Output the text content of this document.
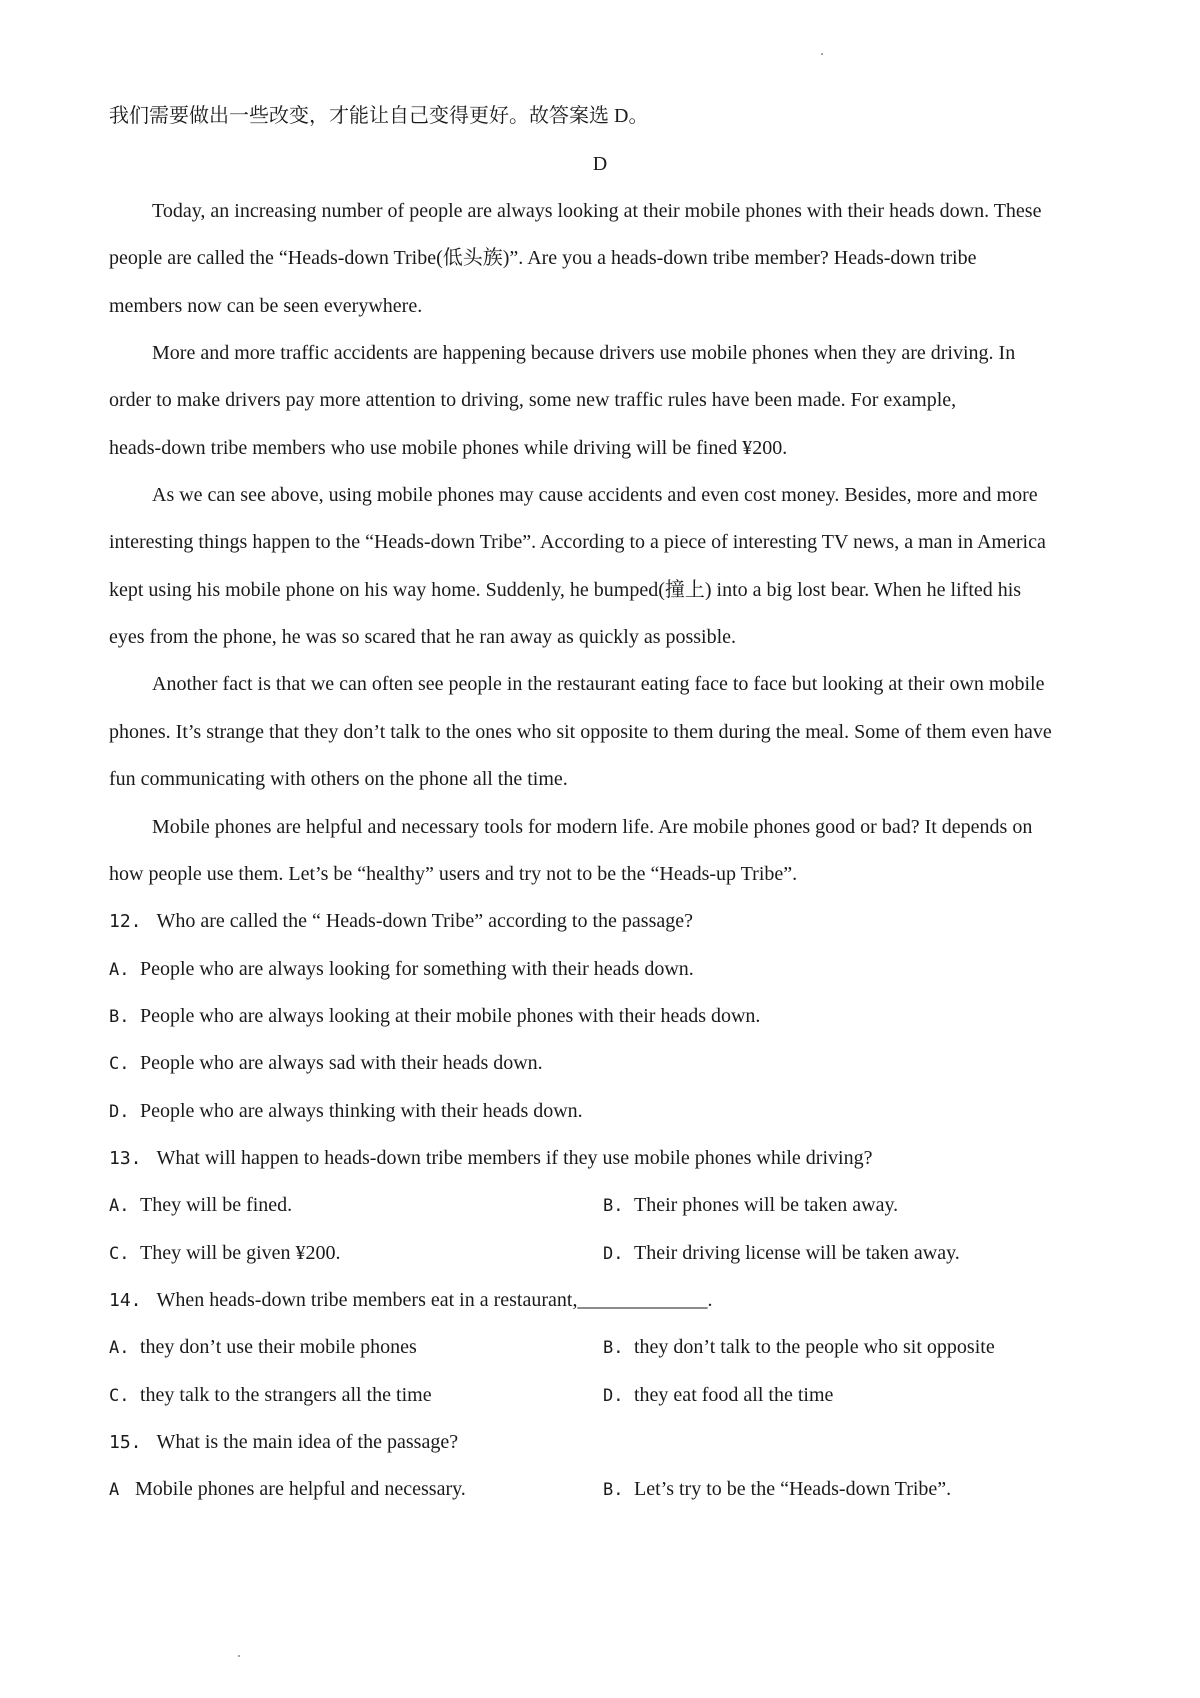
我们需要做出一些改变，才能让自己变得更好。故答案选 D。
D
Today, an increasing number of people are always looking at their mobile phones with their heads down. These
people are called the “Heads-down Tribe(低头族)”. Are you a heads-down tribe member? Heads-down tribe
members now can be seen everywhere.
More and more traffic accidents are happening because drivers use mobile phones when they are driving. In
order to make drivers pay more attention to driving, some new traffic rules have been made. For example,
heads-down tribe members who use mobile phones while driving will be fined ¥200.
As we can see above, using mobile phones may cause accidents and even cost money. Besides, more and more
interesting things happen to the “Heads-down Tribe”. According to a piece of interesting TV news, a man in America
kept using his mobile phone on his way home. Suddenly, he bumped(撞上) into a big lost bear. When he lifted his
eyes from the phone, he was so scared that he ran away as quickly as possible.
Another fact is that we can often see people in the restaurant eating face to face but looking at their own mobile
phones. It’s strange that they don’t talk to the ones who sit opposite to them during the meal. Some of them even have
fun communicating with others on the phone all the time.
Mobile phones are helpful and necessary tools for modern life. Are mobile phones good or bad? It depends on
how people use them. Let’s be “healthy” users and try not to be the “Heads-up Tribe”.
12. Who are called the “ Heads-down Tribe” according to the passage?
A. People who are always looking for something with their heads down.
B. People who are always looking at their mobile phones with their heads down.
C. People who are always sad with their heads down.
D. People who are always thinking with their heads down.
13. What will happen to heads-down tribe members if they use mobile phones while driving?
A. They will be fined.	B. Their phones will be taken away.
C. They will be given ¥200.	D. Their driving license will be taken away.
14. When heads-down tribe members eat in a restaurant,_____________.
A. they don’t use their mobile phones	B. they don’t talk to the people who sit opposite
C. they talk to the strangers all the time	D. they eat food all the time
15. What is the main idea of the passage?
A Mobile phones are helpful and necessary.	B. Let’s try to be the “Heads-down Tribe”.
